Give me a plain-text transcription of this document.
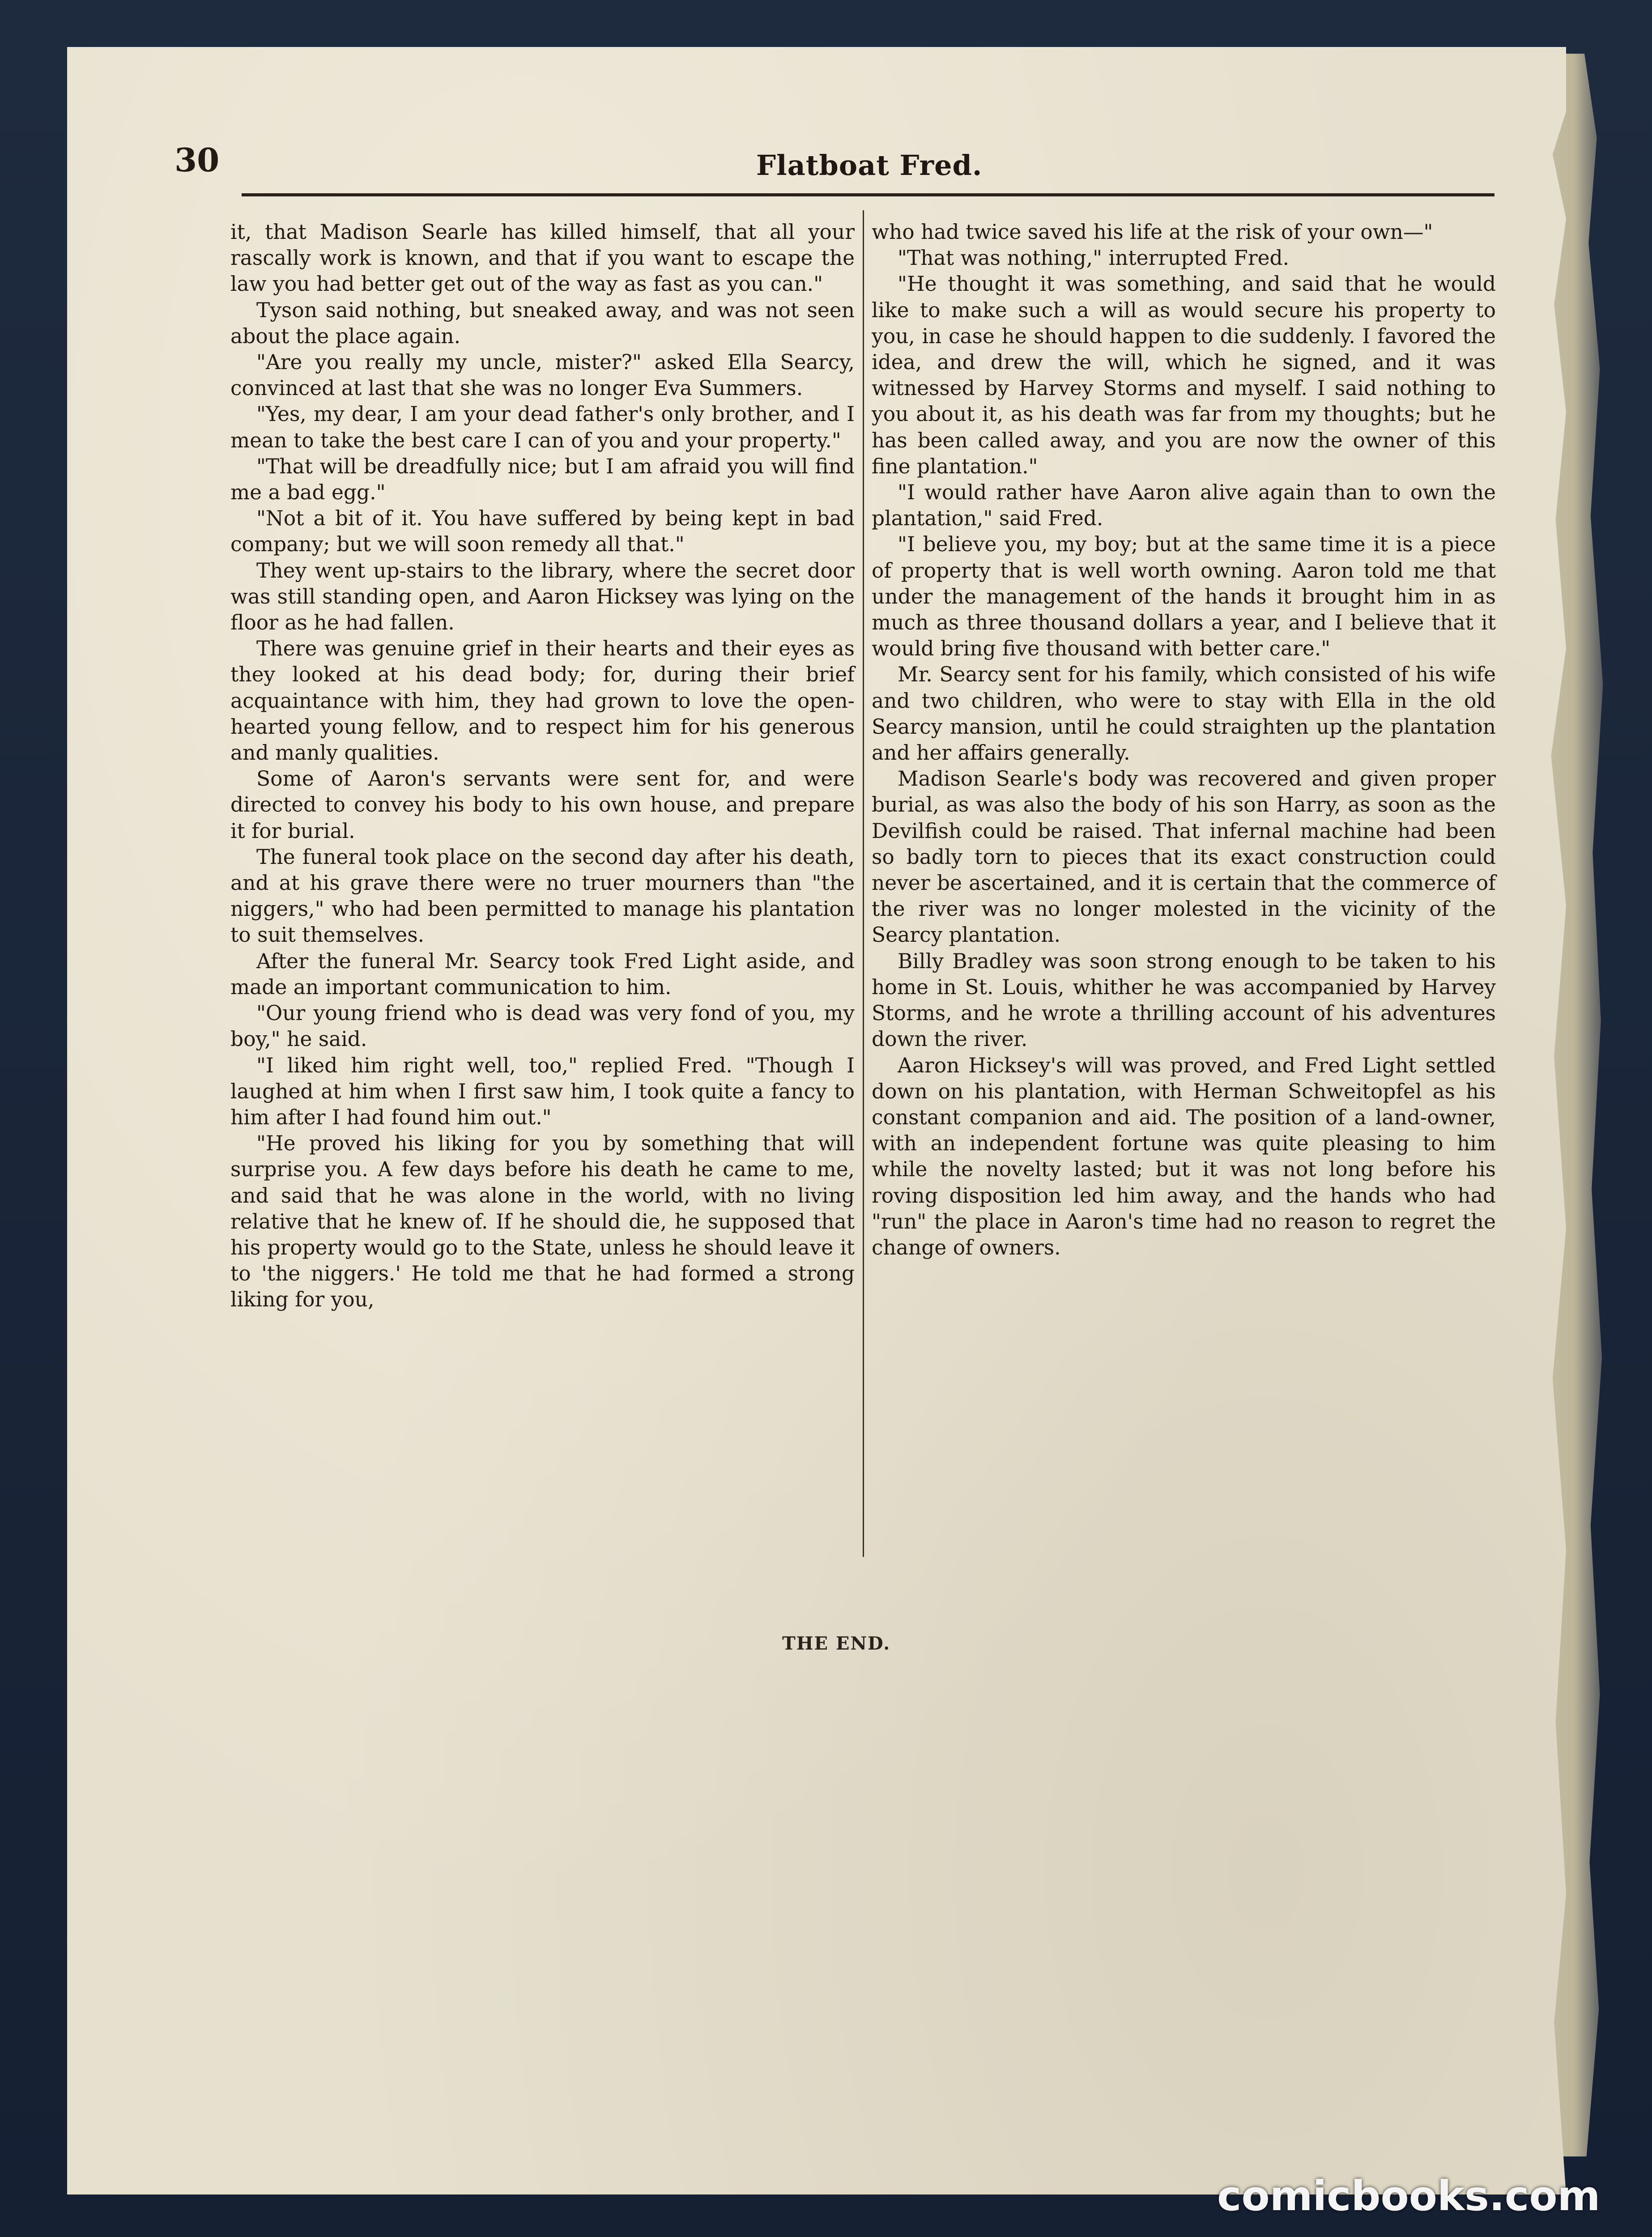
30	Flatboat Fred.

it, that Madison Searle has killed himself, that all your rascally work is known, and that if you want to escape the law you had better get out of the way as fast as you can."

Tyson said nothing, but sneaked away, and was not seen about the place again.

"Are you really my uncle, mister?" asked Ella Searcy, convinced at last that she was no longer Eva Summers.

"Yes, my dear, I am your dead father's only brother, and I mean to take the best care I can of you and your property."

"That will be dreadfully nice; but I am afraid you will find me a bad egg."

"Not a bit of it. You have suffered by being kept in bad company; but we will soon remedy all that."

They went up-stairs to the library, where the secret door was still standing open, and Aaron Hicksey was lying on the floor as he had fallen.

There was genuine grief in their hearts and their eyes as they looked at his dead body; for, during their brief acquaintance with him, they had grown to love the open-hearted young fellow, and to respect him for his generous and manly qualities.

Some of Aaron's servants were sent for, and were directed to convey his body to his own house, and prepare it for burial.

The funeral took place on the second day after his death, and at his grave there were no truer mourners than "the niggers," who had been permitted to manage his plantation to suit themselves.

After the funeral Mr. Searcy took Fred Light aside, and made an important communication to him.

"Our young friend who is dead was very fond of you, my boy," he said.

"I liked him right well, too," replied Fred. "Though I laughed at him when I first saw him, I took quite a fancy to him after I had found him out."

"He proved his liking for you by something that will surprise you. A few days before his death he came to me, and said that he was alone in the world, with no living relative that he knew of. If he should die, he supposed that his property would go to the State, unless he should leave it to 'the niggers.' He told me that he had formed a strong liking for you,

who had twice saved his life at the risk of your own—"

"That was nothing," interrupted Fred.

"He thought it was something, and said that he would like to make such a will as would secure his property to you, in case he should happen to die suddenly. I favored the idea, and drew the will, which he signed, and it was witnessed by Harvey Storms and myself. I said nothing to you about it, as his death was far from my thoughts; but he has been called away, and you are now the owner of this fine plantation."

"I would rather have Aaron alive again than to own the plantation," said Fred.

"I believe you, my boy; but at the same time it is a piece of property that is well worth owning. Aaron told me that under the management of the hands it brought him in as much as three thousand dollars a year, and I believe that it would bring five thousand with better care."

Mr. Searcy sent for his family, which consisted of his wife and two children, who were to stay with Ella in the old Searcy mansion, until he could straighten up the plantation and her affairs generally.

Madison Searle's body was recovered and given proper burial, as was also the body of his son Harry, as soon as the Devilfish could be raised. That infernal machine had been so badly torn to pieces that its exact construction could never be ascertained, and it is certain that the commerce of the river was no longer molested in the vicinity of the Searcy plantation.

Billy Bradley was soon strong enough to be taken to his home in St. Louis, whither he was accompanied by Harvey Storms, and he wrote a thrilling account of his adventures down the river.

Aaron Hicksey's will was proved, and Fred Light settled down on his plantation, with Herman Schweitopfel as his constant companion and aid. The position of a land-owner, with an independent fortune was quite pleasing to him while the novelty lasted; but it was not long before his roving disposition led him away, and the hands who had "run" the place in Aaron's time had no reason to regret the change of owners.

THE END.
comicbooks.com
